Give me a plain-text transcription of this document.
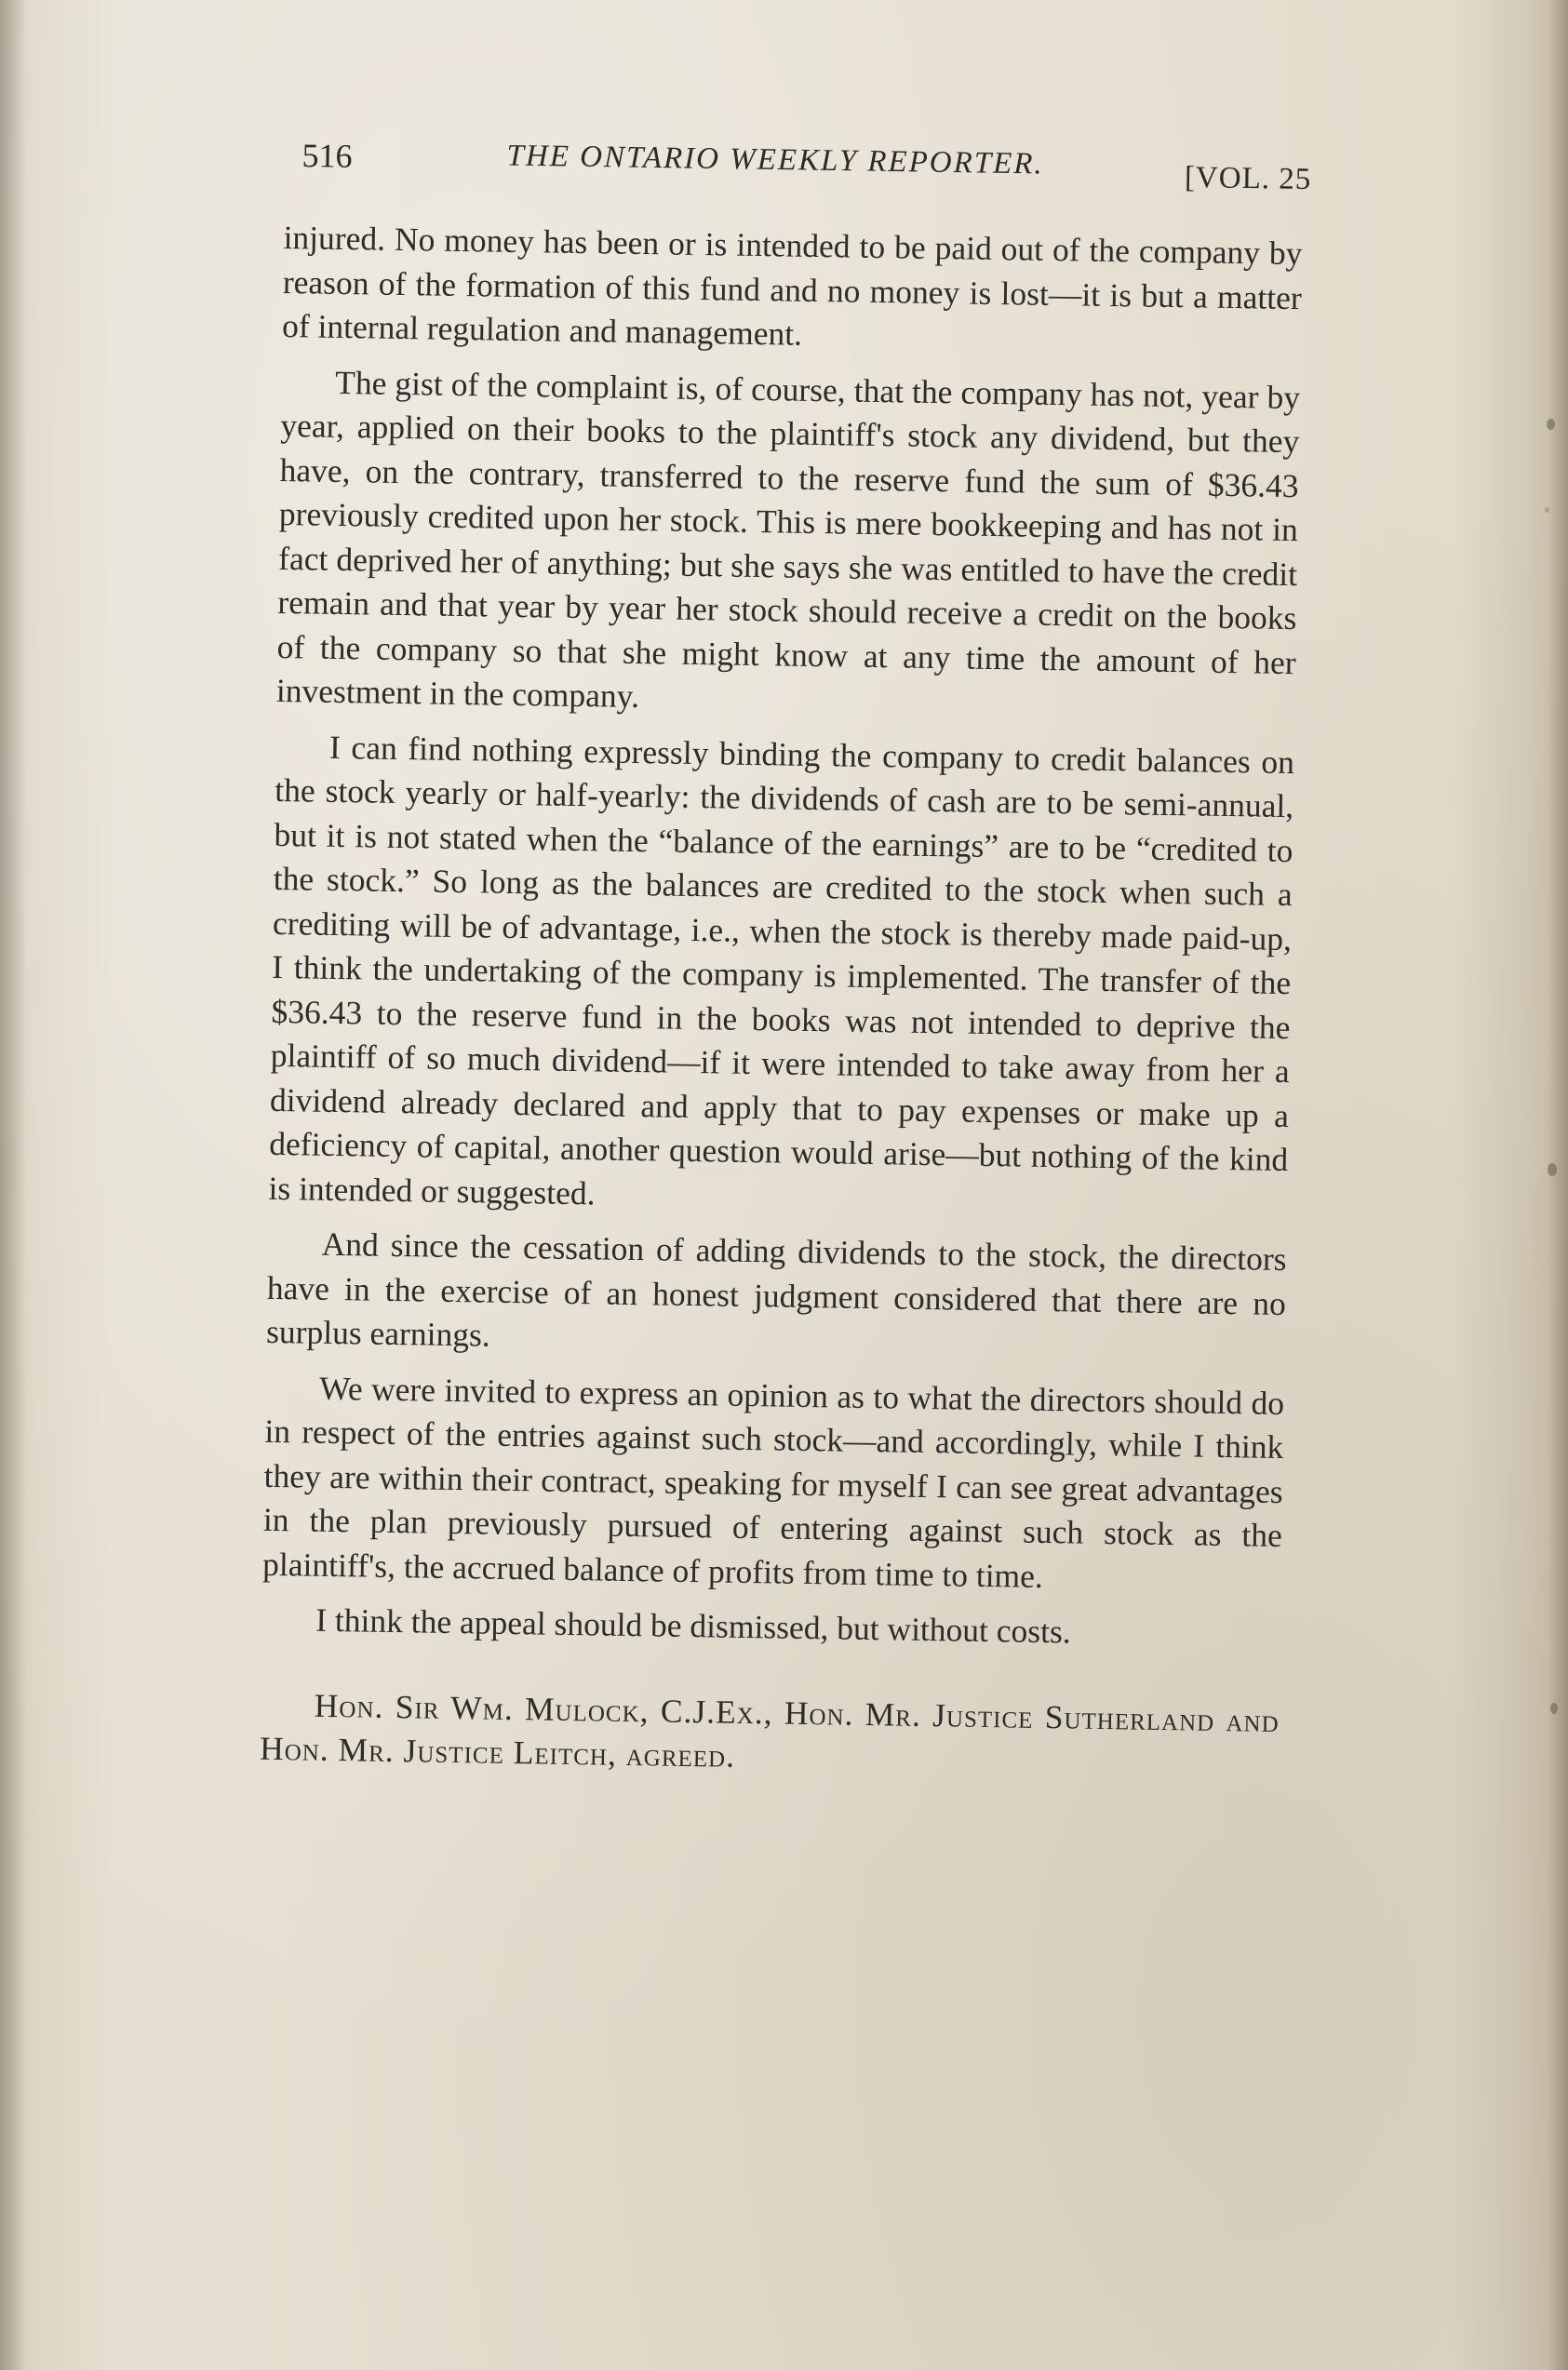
516	THE ONTARIO WEEKLY REPORTER.	[VOL. 25

injured. No money has been or is intended to be paid out of the company by reason of the formation of this fund and no money is lost—it is but a matter of internal regulation and management.

The gist of the complaint is, of course, that the company has not, year by year, applied on their books to the plaintiff's stock any dividend, but they have, on the contrary, transferred to the reserve fund the sum of $36.43 previously credited upon her stock. This is mere bookkeeping and has not in fact deprived her of anything; but she says she was entitled to have the credit remain and that year by year her stock should receive a credit on the books of the company so that she might know at any time the amount of her investment in the company.

I can find nothing expressly binding the company to credit balances on the stock yearly or half-yearly: the dividends of cash are to be semi-annual, but it is not stated when the “balance of the earnings” are to be “credited to the stock.” So long as the balances are credited to the stock when such a crediting will be of advantage, i.e., when the stock is thereby made paid-up, I think the undertaking of the company is implemented. The transfer of the $36.43 to the reserve fund in the books was not intended to deprive the plaintiff of so much dividend—if it were intended to take away from her a dividend already declared and apply that to pay expenses or make up a deficiency of capital, another question would arise—but nothing of the kind is intended or suggested.

And since the cessation of adding dividends to the stock, the directors have in the exercise of an honest judgment considered that there are no surplus earnings.

We were invited to express an opinion as to what the directors should do in respect of the entries against such stock—and accordingly, while I think they are within their contract, speaking for myself I can see great advantages in the plan previously pursued of entering against such stock as the plaintiff's, the accrued balance of profits from time to time.

I think the appeal should be dismissed, but without costs.

Hon. Sir Wm. Mulock, C.J.Ex., Hon. Mr. Justice Sutherland and Hon. Mr. Justice Leitch, agreed.
